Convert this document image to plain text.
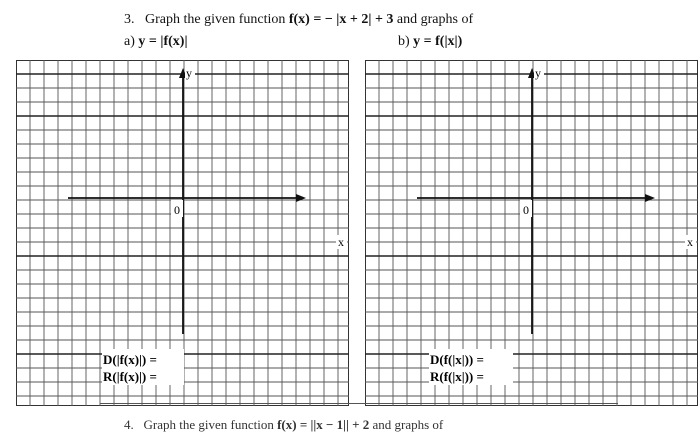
3. Graph the given function f(x) = − |x + 2| + 3 and graphs of
a) y = |f(x)|	b) y = f(|x|)
0
y
x
D(|f(x)|) =
R(|f(x)|) =
0
y
x
D(f(|x|)) =
R(f(|x|)) =
4. Graph the given function f(x) = ||x − 1|| + 2 and graphs of
